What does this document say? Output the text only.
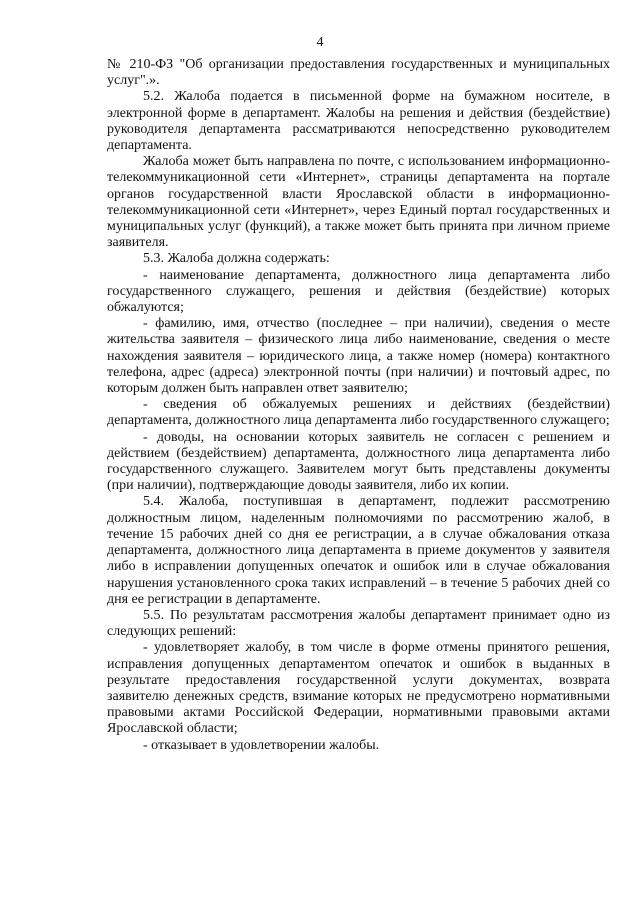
4

№ 210-ФЗ "Об организации предоставления государственных и муниципальных услуг".».

5.2. Жалоба подается в письменной форме на бумажном носителе, в электронной форме в департамент. Жалобы на решения и действия (бездействие) руководителя департамента рассматриваются непосредственно руководителем департамента.

Жалоба может быть направлена по почте, с использованием информационно-телекоммуникационной сети «Интернет», страницы департамента на портале органов государственной власти Ярославской области в информационно-телекоммуникационной сети «Интернет», через Единый портал государственных и муниципальных услуг (функций), а также может быть принята при личном приеме заявителя.

5.3. Жалоба должна содержать:

- наименование департамента, должностного лица департамента либо государственного служащего, решения и действия (бездействие) которых обжалуются;

- фамилию, имя, отчество (последнее – при наличии), сведения о месте жительства заявителя – физического лица либо наименование, сведения о месте нахождения заявителя – юридического лица, а также номер (номера) контактного телефона, адрес (адреса) электронной почты (при наличии) и почтовый адрес, по которым должен быть направлен ответ заявителю;

- сведения об обжалуемых решениях и действиях (бездействии) департамента, должностного лица департамента либо государственного служащего;

- доводы, на основании которых заявитель не согласен с решением и действием (бездействием) департамента, должностного лица департамента либо государственного служащего. Заявителем могут быть представлены документы (при наличии), подтверждающие доводы заявителя, либо их копии.

5.4. Жалоба, поступившая в департамент, подлежит рассмотрению должностным лицом, наделенным полномочиями по рассмотрению жалоб, в течение 15 рабочих дней со дня ее регистрации, а в случае обжалования отказа департамента, должностного лица департамента в приеме документов у заявителя либо в исправлении допущенных опечаток и ошибок или в случае обжалования нарушения установленного срока таких исправлений – в течение 5 рабочих дней со дня ее регистрации в департаменте.

5.5. По результатам рассмотрения жалобы департамент принимает одно из следующих решений:

- удовлетворяет жалобу, в том числе в форме отмены принятого решения, исправления допущенных департаментом опечаток и ошибок в выданных в результате предоставления государственной услуги документах, возврата заявителю денежных средств, взимание которых не предусмотрено нормативными правовыми актами Российской Федерации, нормативными правовыми актами Ярославской области;

- отказывает в удовлетворении жалобы.
